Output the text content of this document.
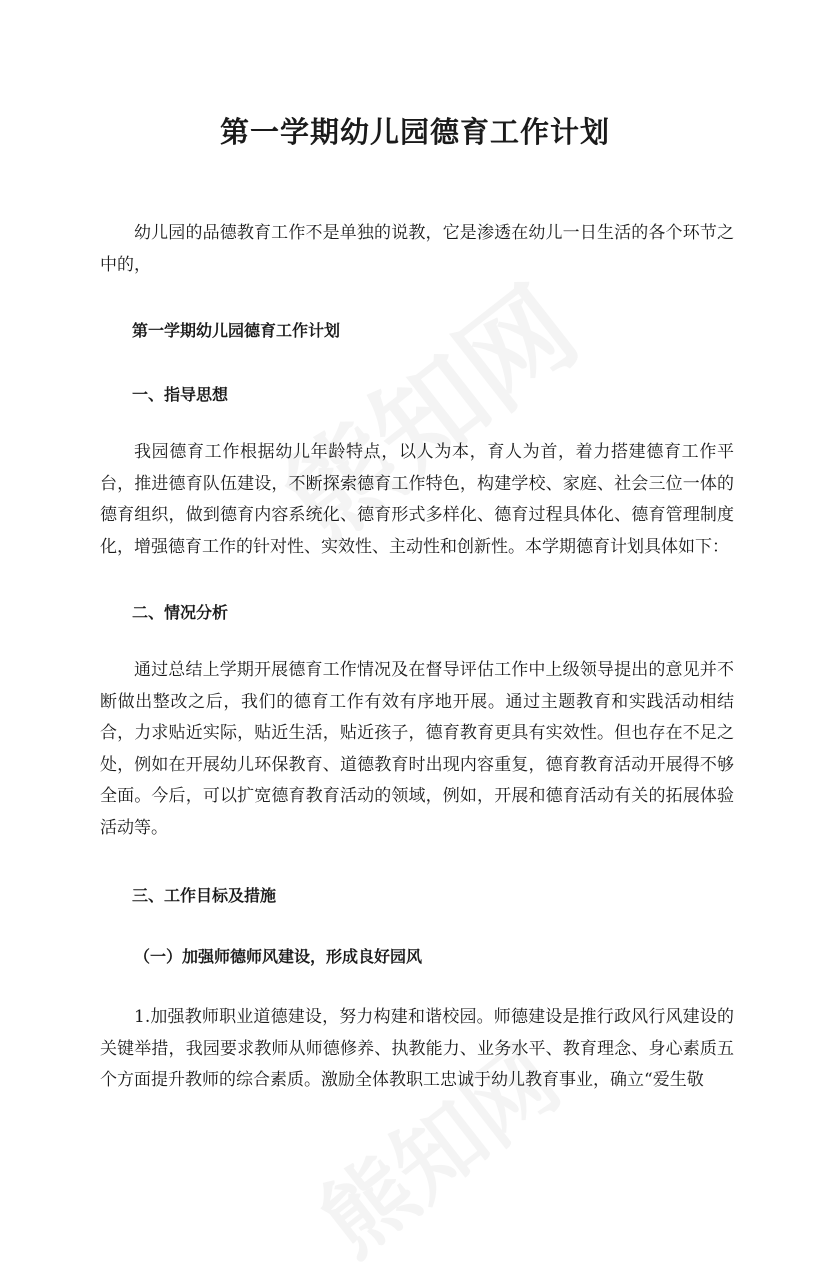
第一学期幼儿园德育工作计划
幼儿园的品德教育工作不是单独的说教，它是渗透在幼儿一日生活的各个环节之中的，
第一学期幼儿园德育工作计划
一、指导思想
我园德育工作根据幼儿年龄特点，以人为本，育人为首，着力搭建德育工作平台，推进德育队伍建设，不断探索德育工作特色，构建学校、家庭、社会三位一体的德育组织，做到德育内容系统化、德育形式多样化、德育过程具体化、德育管理制度化，增强德育工作的针对性、实效性、主动性和创新性。本学期德育计划具体如下：
二、情况分析
通过总结上学期开展德育工作情况及在督导评估工作中上级领导提出的意见并不断做出整改之后，我们的德育工作有效有序地开展。通过主题教育和实践活动相结合，力求贴近实际，贴近生活，贴近孩子，德育教育更具有实效性。但也存在不足之处，例如在开展幼儿环保教育、道德教育时出现内容重复，德育教育活动开展得不够全面。今后，可以扩宽德育教育活动的领域，例如，开展和德育活动有关的拓展体验活动等。
三、工作目标及措施
（一）加强师德师风建设，形成良好园风
1.加强教师职业道德建设，努力构建和谐校园。师德建设是推行政风行风建设的关键举措，我园要求教师从师德修养、执教能力、业务水平、教育理念、身心素质五个方面提升教师的综合素质。激励全体教职工忠诚于幼儿教育事业，确立“爱生敬
